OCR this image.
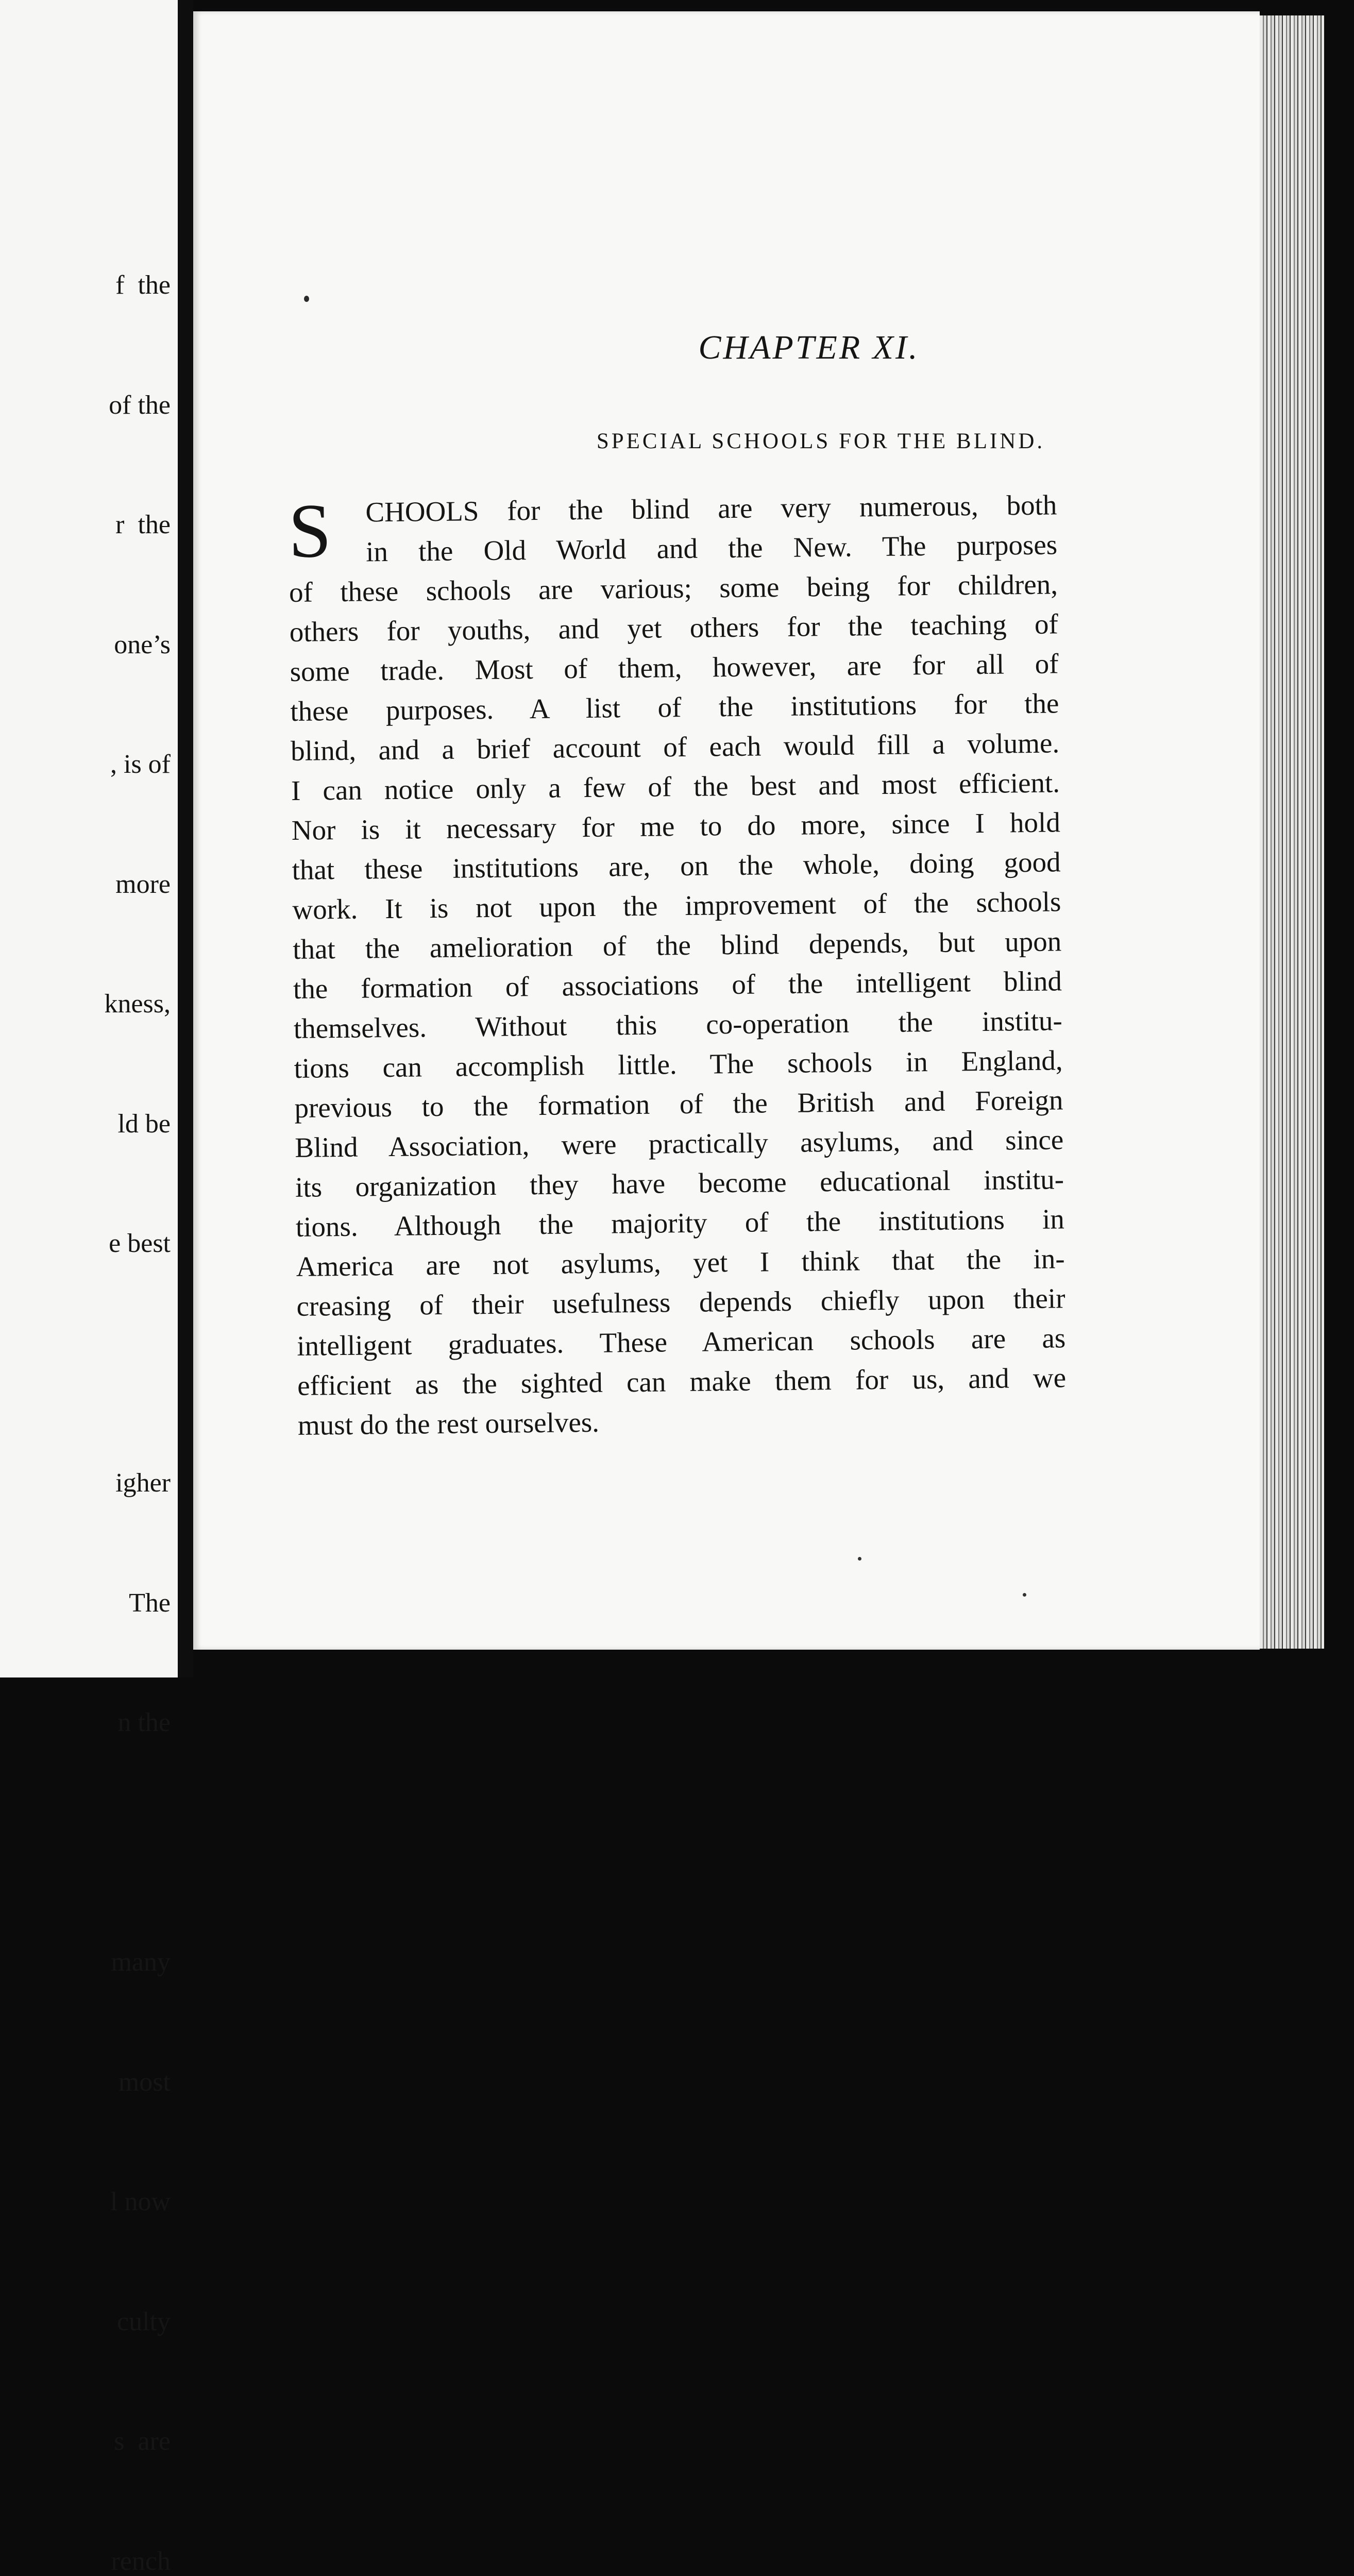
f  the

of the

r  the

one’s

, is of

more

kness,

ld be

e best

igher

The

n the

many

most

l now

culty

s  are

rench

CHAPTER XI.
SPECIAL SCHOOLS FOR THE BLIND.
S	CHOOLS for the blind are very numerous, both
in the Old World and the New. The purposes
of these schools are various; some being for children,
others for youths, and yet others for the teaching of
some trade. Most of them, however, are for all of
these purposes. A list of the institutions for the
blind, and a brief account of each would fill a volume.
I can notice only a few of the best and most efficient.
Nor is it necessary for me to do more, since I hold
that these institutions are, on the whole, doing good
work. It is not upon the improvement of the schools
that the amelioration of the blind depends, but upon
the formation of associations of the intelligent blind
themselves. Without this co-operation the institu-
tions can accomplish little. The schools in England,
previous to the formation of the British and Foreign
Blind Association, were practically asylums, and since
its organization they have become educational institu-
tions. Although the majority of the institutions in
America are not asylums, yet I think that the in-
creasing of their usefulness depends chiefly upon their
intelligent graduates. These American schools are as
efficient as the sighted can make them for us, and we
must do the rest ourselves.
